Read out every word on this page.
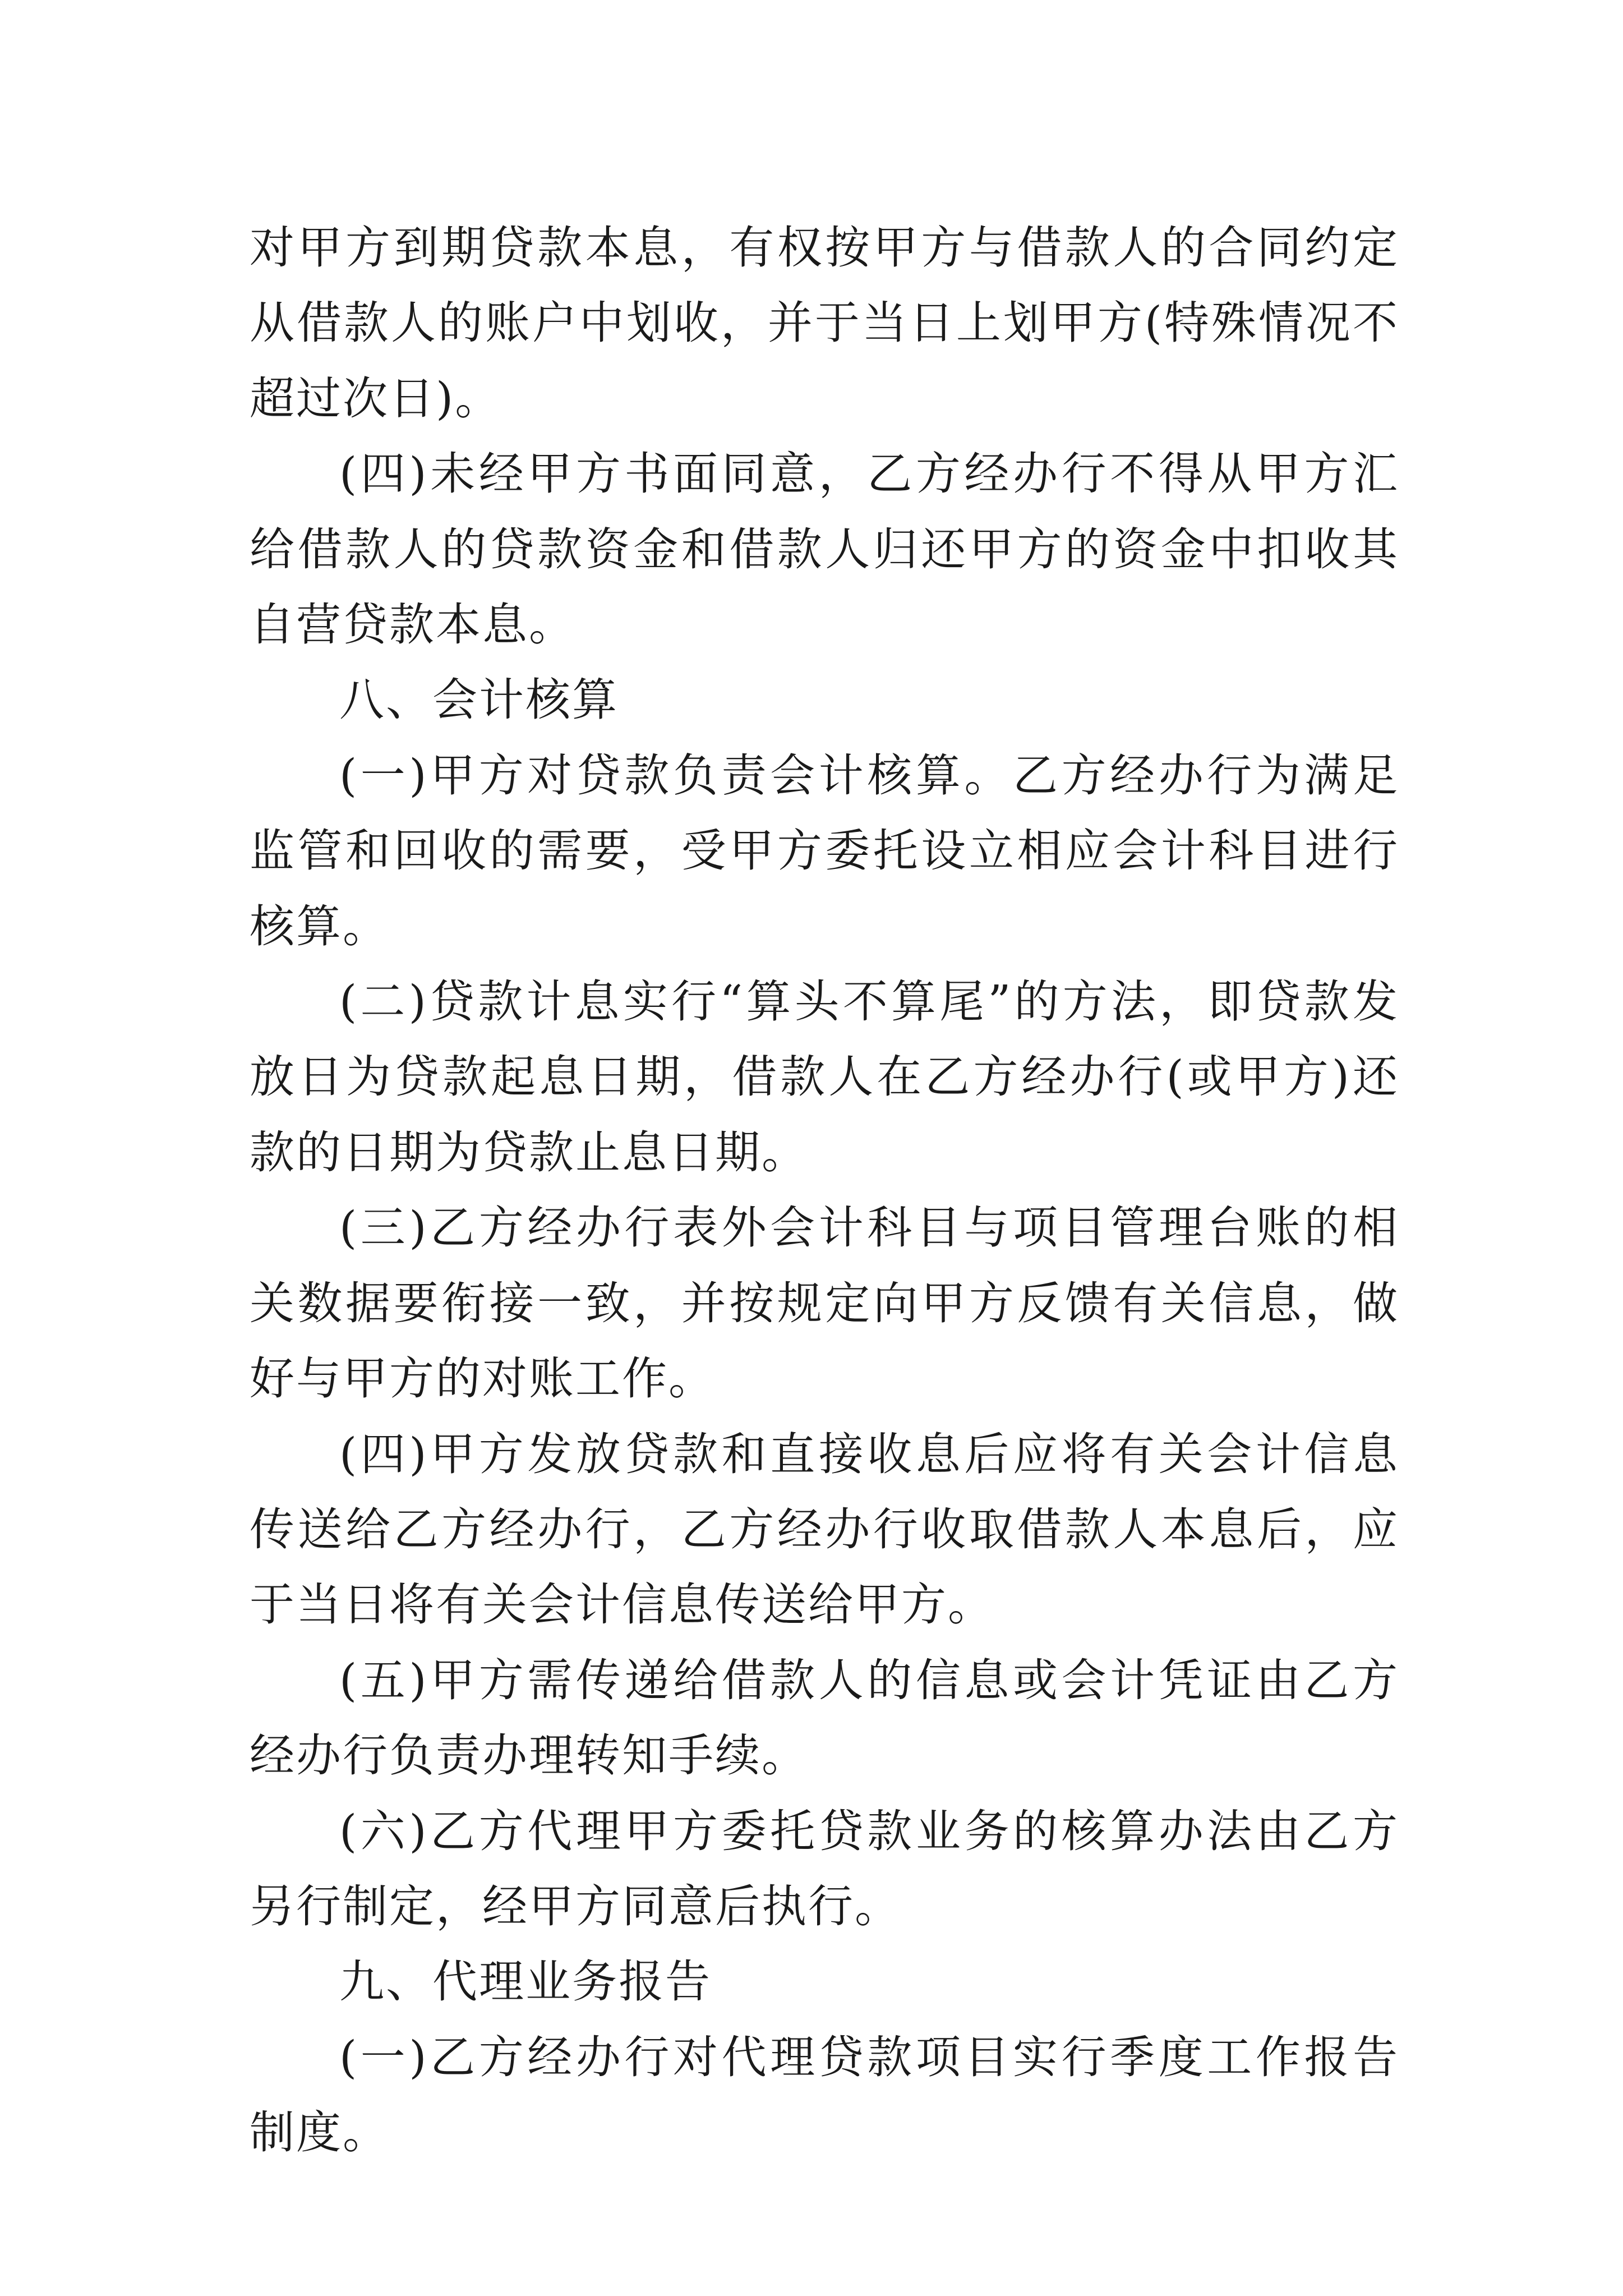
对甲方到期贷款本息，有权按甲方与借款人的合同约定从借款人的账户中划收，并于当日上划甲方(特殊情况不超过次日)。

(四)未经甲方书面同意，乙方经办行不得从甲方汇给借款人的贷款资金和借款人归还甲方的资金中扣收其自营贷款本息。

八、会计核算

(一)甲方对贷款负责会计核算。乙方经办行为满足监管和回收的需要，受甲方委托设立相应会计科目进行核算。

(二)贷款计息实行“算头不算尾”的方法，即贷款发放日为贷款起息日期，借款人在乙方经办行(或甲方)还款的日期为贷款止息日期。

(三)乙方经办行表外会计科目与项目管理台账的相关数据要衔接一致，并按规定向甲方反馈有关信息，做好与甲方的对账工作。

(四)甲方发放贷款和直接收息后应将有关会计信息传送给乙方经办行，乙方经办行收取借款人本息后，应于当日将有关会计信息传送给甲方。

(五)甲方需传递给借款人的信息或会计凭证由乙方经办行负责办理转知手续。

(六)乙方代理甲方委托贷款业务的核算办法由乙方另行制定，经甲方同意后执行。

九、代理业务报告

(一)乙方经办行对代理贷款项目实行季度工作报告制度。
